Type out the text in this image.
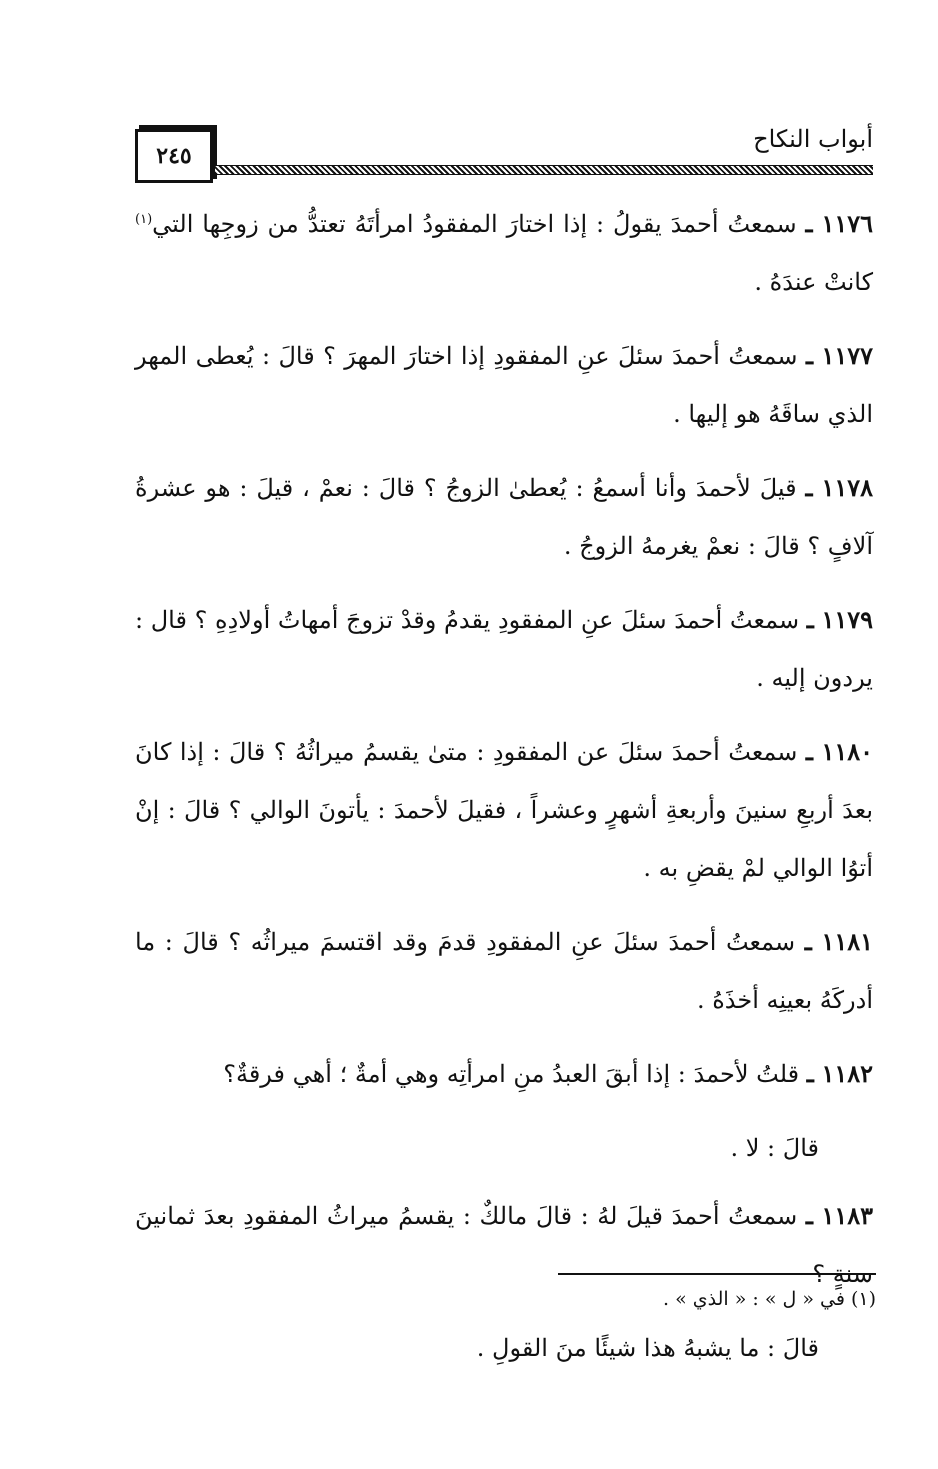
٢٤٥
أبواب النكاح

١١٧٦ ـ سمعتُ أحمدَ يقولُ : إذا اختارَ المفقودُ امرأتَهُ تعتدُّ من زوجِها التي$^{(١)}$ كانتْ عندَهُ .

١١٧٧ ـ سمعتُ أحمدَ سئلَ عنِ المفقودِ إذا اختارَ المهرَ ؟ قالَ : يُعطى المهر الذي ساقَهُ هو إليها .

١١٧٨ ـ قيلَ لأحمدَ وأنا أسمعُ : يُعطىٰ الزوجُ ؟ قالَ : نعمْ ، قيلَ : هو عشرةُ آلافٍ ؟ قالَ : نعمْ يغرمهُ الزوجُ .

١١٧٩ ـ سمعتُ أحمدَ سئلَ عنِ المفقودِ يقدمُ وقدْ تزوجَ أمهاتُ أولادِهِ ؟ قال : يردون إليه .

١١٨٠ ـ سمعتُ أحمدَ سئلَ عن المفقودِ : متىٰ يقسمُ ميراثُهُ ؟ قالَ : إذا كانَ بعدَ أربعِ سنينَ وأربعةِ أشهرٍ وعشراً ، فقيلَ لأحمدَ : يأتونَ الوالي ؟ قالَ : إنْ أتوُا الوالي لمْ يقضِ به .

١١٨١ ـ سمعتُ أحمدَ سئلَ عنِ المفقودِ قدمَ وقد اقتسمَ ميراثُه ؟ قالَ : ما أدركَهُ بعينِه أخذَهُ .

١١٨٢ ـ قلتُ لأحمدَ : إذا أبقَ العبدُ منِ امرأتِه وهي أمةٌ ؛ أهي فرقةٌ؟

قالَ : لا .

١١٨٣ ـ سمعتُ أحمدَ قيلَ لهُ : قالَ مالكٌ : يقسمُ ميراثُ المفقودِ بعدَ ثمانينَ سنةٍ ؟

قالَ : ما يشبهُ هذا شيئًا منَ القولِ .

(١) في « ل » : « الذي » .
